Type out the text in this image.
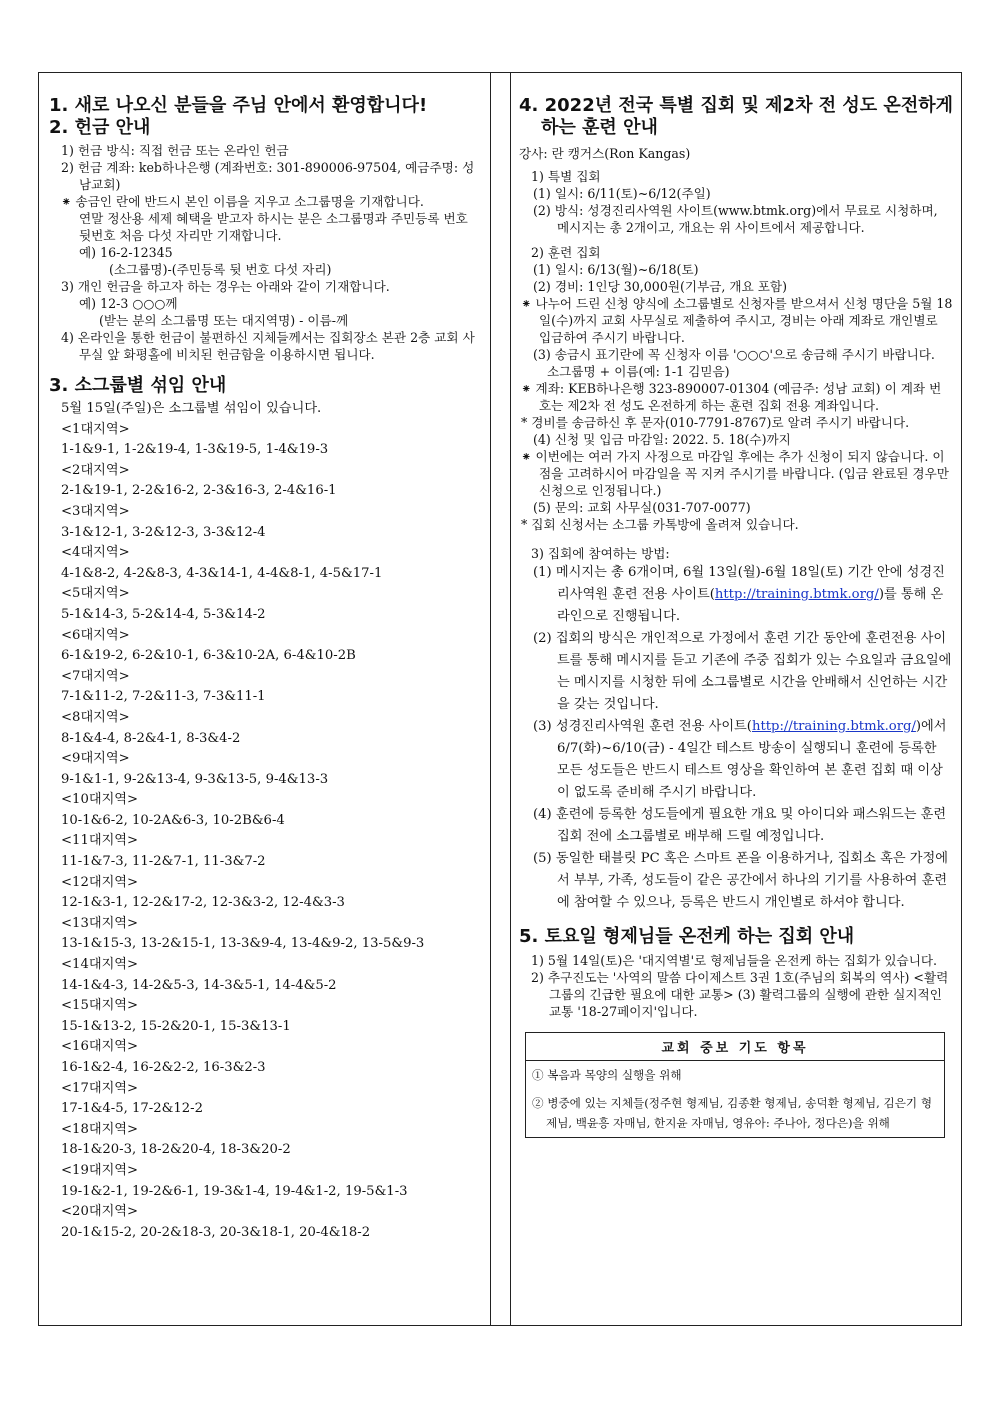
1. 새로 나오신 분들을 주님 안에서 환영합니다!
2. 헌금 안내
1) 헌금 방식: 직접 헌금 또는 온라인 헌금
2) 헌금 계좌: keb하나은행 (계좌번호: 301-890006-97504, 예금주명: 성남교회)
⁕ 송금인 란에 반드시 본인 이름을 지우고 소그룹명을 기재합니다.
연말 정산용 세제 혜택을 받고자 하시는 분은 소그룹명과 주민등록 번호 뒷번호 처음 다섯 자리만 기재합니다.
예) 16-2-12345
(소그룹명)-(주민등록 뒷 번호 다섯 자리)
3) 개인 헌금을 하고자 하는 경우는 아래와 같이 기재합니다.
예) 12-3 ○○○께
(받는 분의 소그룹명 또는 대지역명) - 이름-께
4) 온라인을 통한 헌금이 불편하신 지체들께서는 집회장소 본관 2층 교회 사무실 앞 화평홀에 비치된 헌금함을 이용하시면 됩니다.
3. 소그룹별 섞임 안내
5월 15일(주일)은 소그룹별 섞임이 있습니다.
<1대지역>
1-1&9-1, 1-2&19-4, 1-3&19-5, 1-4&19-3
<2대지역>
2-1&19-1, 2-2&16-2, 2-3&16-3, 2-4&16-1
<3대지역>
3-1&12-1, 3-2&12-3, 3-3&12-4
<4대지역>
4-1&8-2, 4-2&8-3, 4-3&14-1, 4-4&8-1, 4-5&17-1
<5대지역>
5-1&14-3, 5-2&14-4, 5-3&14-2
<6대지역>
6-1&19-2, 6-2&10-1, 6-3&10-2A, 6-4&10-2B
<7대지역>
7-1&11-2, 7-2&11-3, 7-3&11-1
<8대지역>
8-1&4-4, 8-2&4-1, 8-3&4-2
<9대지역>
9-1&1-1, 9-2&13-4, 9-3&13-5, 9-4&13-3
<10대지역>
10-1&6-2, 10-2A&6-3, 10-2B&6-4
<11대지역>
11-1&7-3, 11-2&7-1, 11-3&7-2
<12대지역>
12-1&3-1, 12-2&17-2, 12-3&3-2, 12-4&3-3
<13대지역>
13-1&15-3, 13-2&15-1, 13-3&9-4, 13-4&9-2, 13-5&9-3
<14대지역>
14-1&4-3, 14-2&5-3, 14-3&5-1, 14-4&5-2
<15대지역>
15-1&13-2, 15-2&20-1, 15-3&13-1
<16대지역>
16-1&2-4, 16-2&2-2, 16-3&2-3
<17대지역>
17-1&4-5, 17-2&12-2
<18대지역>
18-1&20-3, 18-2&20-4, 18-3&20-2
<19대지역>
19-1&2-1, 19-2&6-1, 19-3&1-4, 19-4&1-2, 19-5&1-3
<20대지역>
20-1&15-2, 20-2&18-3, 20-3&18-1, 20-4&18-2
4. 2022년 전국 특별 집회 및 제2차 전 성도 온전하게
하는 훈련 안내
강사: 란 캥거스(Ron Kangas)
1) 특별 집회
(1) 일시: 6/11(토)~6/12(주일)
(2) 방식: 성경진리사역원 사이트(www.btmk.org)에서 무료로 시청하며, 메시지는 총 2개이고, 개요는 위 사이트에서 제공합니다.
2) 훈련 집회
(1) 일시: 6/13(월)~6/18(토)
(2) 경비: 1인당 30,000원(기부금, 개요 포함)
⁕ 나누어 드린 신청 양식에 소그룹별로 신청자를 받으셔서 신청 명단을 5월 18일(수)까지 교회 사무실로 제출하여 주시고, 경비는 아래 계좌로 개인별로 입금하여 주시기 바랍니다.
(3) 송금시 표기란에 꼭 신청자 이름 '○○○'으로 송금해 주시기 바랍니다.
소그룹명 + 이름(예: 1-1 김믿음)
⁕ 계좌: KEB하나은행 323-890007-01304 (예금주: 성남 교회) 이 계좌 번호는 제2차 전 성도 온전하게 하는 훈련 집회 전용 계좌입니다.
* 경비를 송금하신 후 문자(010-7791-8767)로 알려 주시기 바랍니다.
(4) 신청 및 입금 마감일: 2022. 5. 18(수)까지
⁕ 이번에는 여러 가지 사정으로 마감일 후에는 추가 신청이 되지 않습니다. 이점을 고려하시어 마감일을 꼭 지켜 주시기를 바랍니다. (입금 완료된 경우만 신청으로 인정됩니다.)
(5) 문의: 교회 사무실(031-707-0077)
* 집회 신청서는 소그룹 카톡방에 올려져 있습니다.
3) 집회에 참여하는 방법:
(1) 메시지는 총 6개이며, 6월 13일(월)-6월 18일(토) 기간 안에 성경진리사역원 훈련 전용 사이트(http://training.btmk.org/)를 통해 온라인으로 진행됩니다.
(2) 집회의 방식은 개인적으로 가정에서 훈련 기간 동안에 훈련전용 사이트를 통해 메시지를 듣고 기존에 주중 집회가 있는 수요일과 금요일에는 메시지를 시청한 뒤에 소그룹별로 시간을 안배해서 신언하는 시간을 갖는 것입니다.
(3) 성경진리사역원 훈련 전용 사이트(http://training.btmk.org/)에서 6/7(화)~6/10(금) - 4일간 테스트 방송이 실행되니 훈련에 등록한 모든 성도들은 반드시 테스트 영상을 확인하여 본 훈련 집회 때 이상이 없도록 준비해 주시기 바랍니다.
(4) 훈련에 등록한 성도들에게 필요한 개요 및 아이디와 패스워드는 훈련 집회 전에 소그룹별로 배부해 드릴 예정입니다.
(5) 동일한 태블릿 PC 혹은 스마트 폰을 이용하거나, 집회소 혹은 가정에서 부부, 가족, 성도들이 같은 공간에서 하나의 기기를 사용하여 훈련에 참여할 수 있으나, 등록은 반드시 개인별로 하셔야 합니다.
5. 토요일 형제님들 온전케 하는 집회 안내
1) 5월 14일(토)은 '대지역별'로 형제님들을 온전케 하는 집회가 있습니다.
2) 추구진도는 '사역의 말씀 다이제스트 3권 1호(주님의 회복의 역사) <활력그룹의 긴급한 필요에 대한 교통> (3) 활력그룹의 실행에 관한 실지적인 교통 '18-27페이지'입니다.
교회 중보 기도 항목
① 복음과 목양의 실행을 위해
② 병중에 있는 지체들(정주현 형제님, 김종환 형제님, 송덕환 형제님, 김은기 형제님, 백윤흥 자매님, 한지윤 자매님, 영유아: 주나아, 정다은)을 위해
